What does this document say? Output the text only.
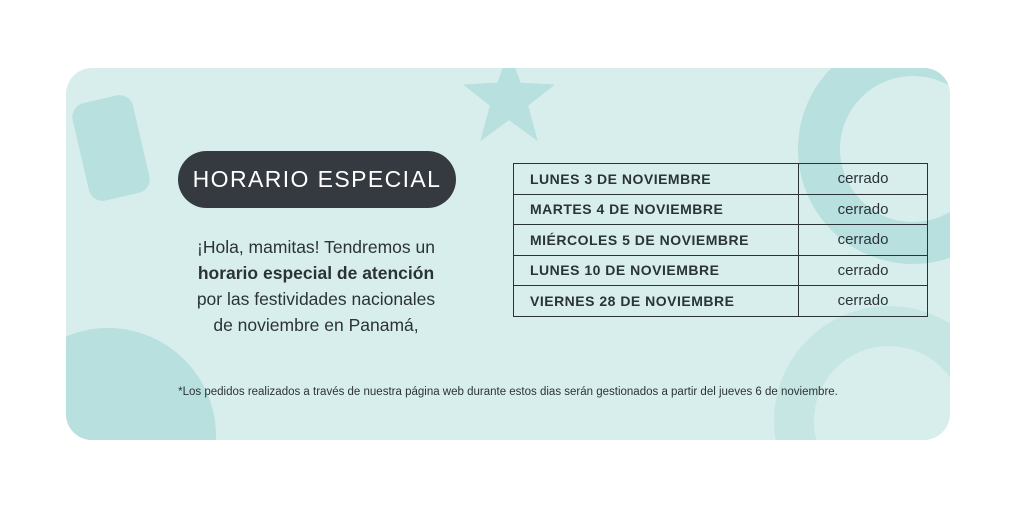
HORARIO ESPECIAL
¡Hola, mamitas! Tendremos un
horario especial de atención
por las festividades nacionales
de noviembre en Panamá,
LUNES 3 DE NOVIEMBRE	cerrado
MARTES 4 DE NOVIEMBRE	cerrado
MIÉRCOLES 5 DE NOVIEMBRE	cerrado
LUNES 10 DE NOVIEMBRE	cerrado
VIERNES 28 DE NOVIEMBRE	cerrado
*Los pedidos realizados a través de nuestra página web durante estos dias serán gestionados a partir del jueves 6 de noviembre.
